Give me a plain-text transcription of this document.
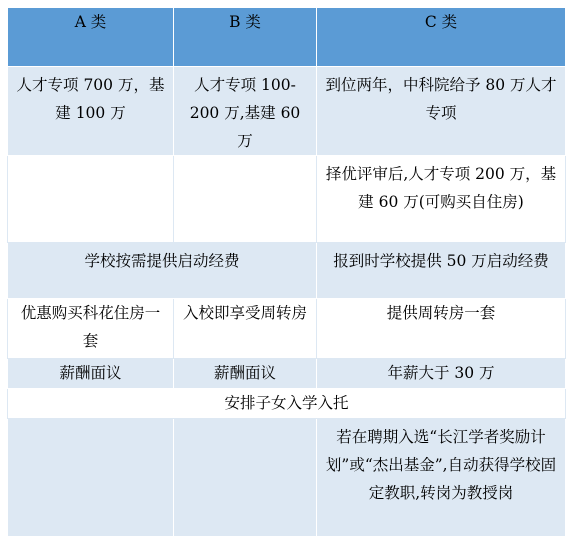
A 类	B 类	C 类
人才专项 700 万，基建 100 万	人才专项 100-200 万,基建 60 万	到位两年，中科院给予 80 万人才专项
		择优评审后,人才专项 200 万，基建 60 万(可购买自住房)
学校按需提供启动经费		报到时学校提供 50 万启动经费
优惠购买科花住房一套	入校即享受周转房	提供周转房一套
薪酬面议	薪酬面议	年薪大于 30 万
安排子女入学入托		
		若在聘期入选“长江学者奖励计划”或“杰出基金”,自动获得学校固定教职,转岗为教授岗
